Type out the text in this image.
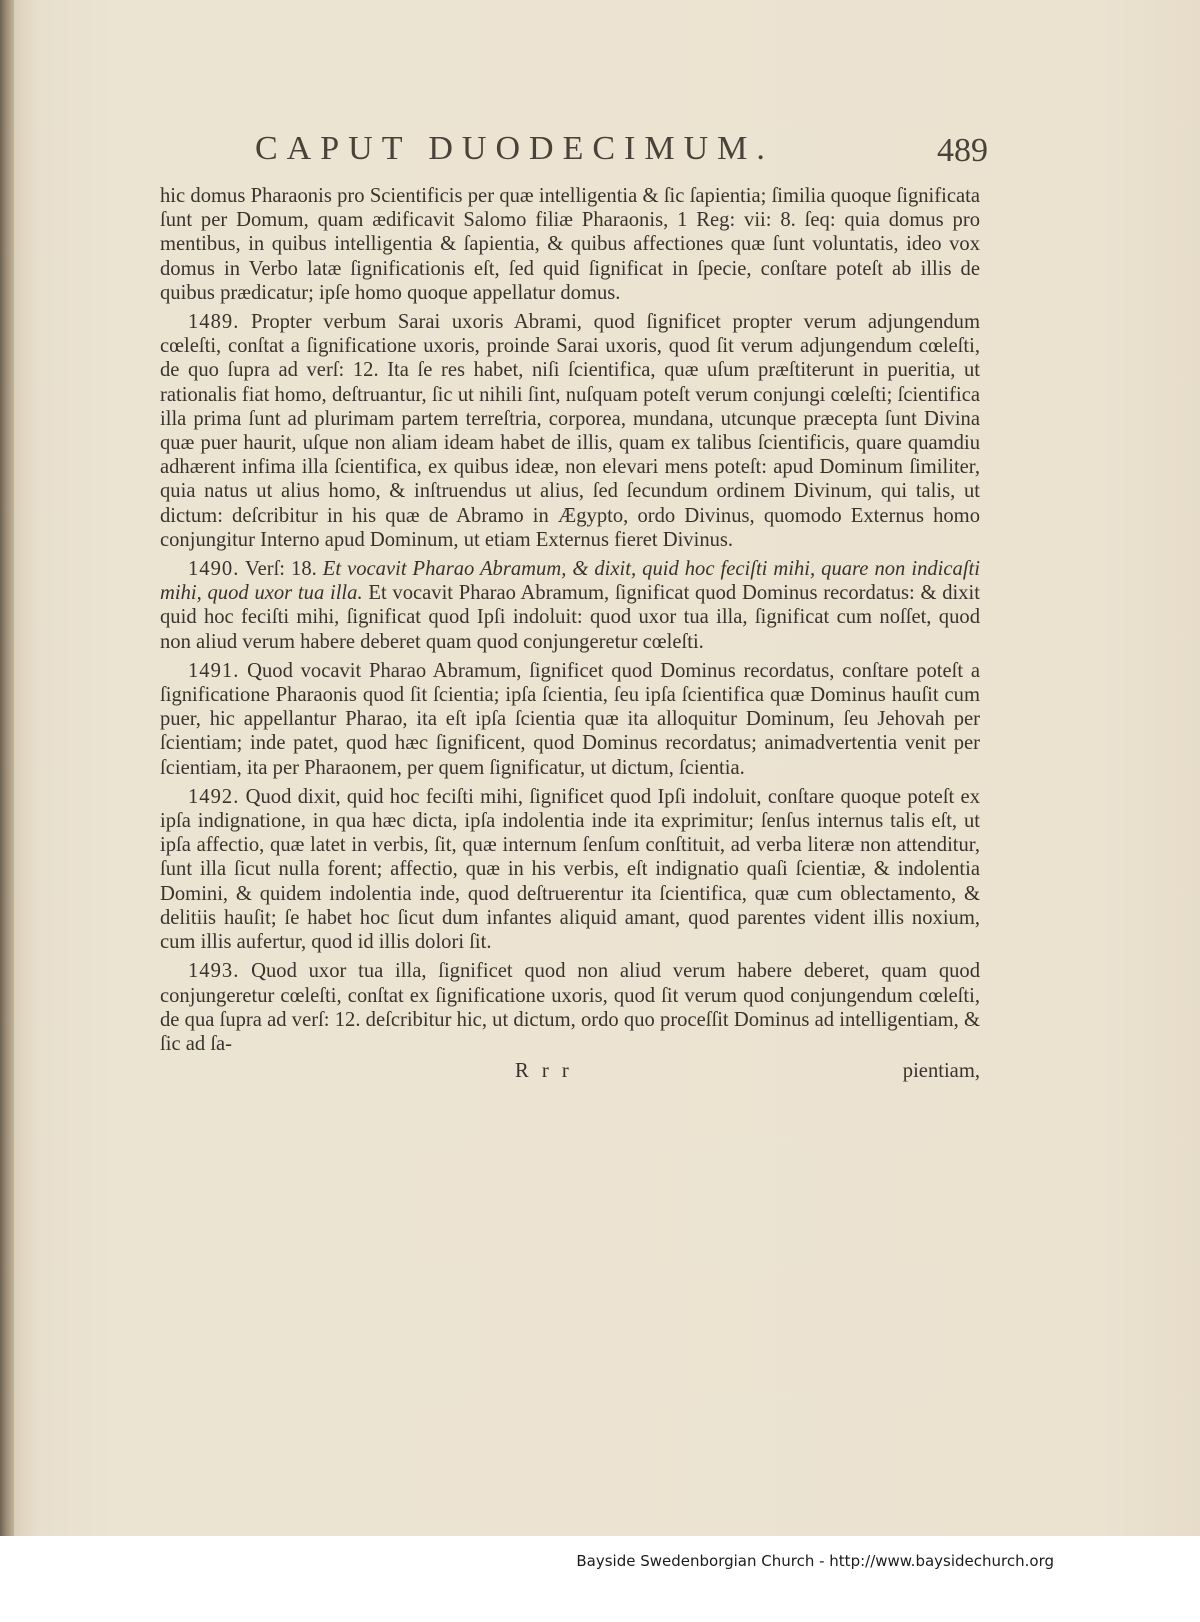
CAPUT DUODECIMUM.	489

hic domus Pharaonis pro Scientificis per quæ intelligentia & ſic ſapientia; ſimilia quoque ſignificata ſunt per Domum, quam ædificavit Salomo filiæ Pharaonis, 1 Reg: vii: 8. ſeq: quia domus pro mentibus, in quibus intelligentia & ſapientia, & quibus affectiones quæ ſunt voluntatis, ideo vox domus in Verbo latæ ſignificationis eſt, ſed quid ſignificat in ſpecie, conſtare poteſt ab illis de quibus prædicatur; ipſe homo quoque appellatur domus.

1489. Propter verbum Sarai uxoris Abrami, quod ſignificet propter verum adjungendum cœleſti, conſtat a ſignificatione uxoris, proinde Sarai uxoris, quod ſit verum adjungendum cœleſti, de quo ſupra ad verſ: 12. Ita ſe res habet, niſi ſcientifica, quæ uſum præſtiterunt in pueritia, ut rationalis fiat homo, deſtruantur, ſic ut nihili ſint, nuſquam poteſt verum conjungi cœleſti; ſcientifica illa prima ſunt ad plurimam partem terreſtria, corporea, mundana, utcunque præcepta ſunt Divina quæ puer haurit, uſque non aliam ideam habet de illis, quam ex talibus ſcientificis, quare quamdiu adhærent infima illa ſcientifica, ex quibus ideæ, non elevari mens poteſt: apud Dominum ſimiliter, quia natus ut alius homo, & inſtruendus ut alius, ſed ſecundum ordinem Divinum, qui talis, ut dictum: deſcribitur in his quæ de Abramo in Ægypto, ordo Divinus, quomodo Externus homo conjungitur Interno apud Dominum, ut etiam Externus fieret Divinus.

1490. Verſ: 18. Et vocavit Pharao Abramum, & dixit, quid hoc feciſti mihi, quare non indicaſti mihi, quod uxor tua illa. Et vocavit Pharao Abramum, ſignificat quod Dominus recordatus: & dixit quid hoc feciſti mihi, ſignificat quod Ipſi indoluit: quod uxor tua illa, ſignificat cum noſſet, quod non aliud verum habere deberet quam quod conjungeretur cœleſti.

1491. Quod vocavit Pharao Abramum, ſignificet quod Dominus recordatus, conſtare poteſt a ſignificatione Pharaonis quod ſit ſcientia; ipſa ſcientia, ſeu ipſa ſcientifica quæ Dominus hauſit cum puer, hic appellantur Pharao, ita eſt ipſa ſcientia quæ ita alloquitur Dominum, ſeu Jehovah per ſcientiam; inde patet, quod hæc ſignificent, quod Dominus recordatus; animadvertentia venit per ſcientiam, ita per Pharaonem, per quem ſignificatur, ut dictum, ſcientia.

1492. Quod dixit, quid hoc feciſti mihi, ſignificet quod Ipſi indoluit, conſtare quoque poteſt ex ipſa indignatione, in qua hæc dicta, ipſa indolentia inde ita exprimitur; ſenſus internus talis eſt, ut ipſa affectio, quæ latet in verbis, ſit, quæ internum ſenſum conſtituit, ad verba literæ non attenditur, ſunt illa ſicut nulla forent; affectio, quæ in his verbis, eſt indignatio quaſi ſcientiæ, & indolentia Domini, & quidem indolentia inde, quod deſtruerentur ita ſcientifica, quæ cum oblectamento, & delitiis hauſit; ſe habet hoc ſicut dum infantes aliquid amant, quod parentes vident illis noxium, cum illis aufertur, quod id illis dolori ſit.

1493. Quod uxor tua illa, ſignificet quod non aliud verum habere deberet, quam quod conjungeretur cœleſti, conſtat ex ſignificatione uxoris, quod ſit verum quod conjungendum cœleſti, de qua ſupra ad verſ: 12. deſcribitur hic, ut dictum, ordo quo proceſſit Dominus ad intelligentiam, & ſic ad ſa-

R r r	pientiam,
Bayside Swedenborgian Church - http://www.baysidechurch.org
